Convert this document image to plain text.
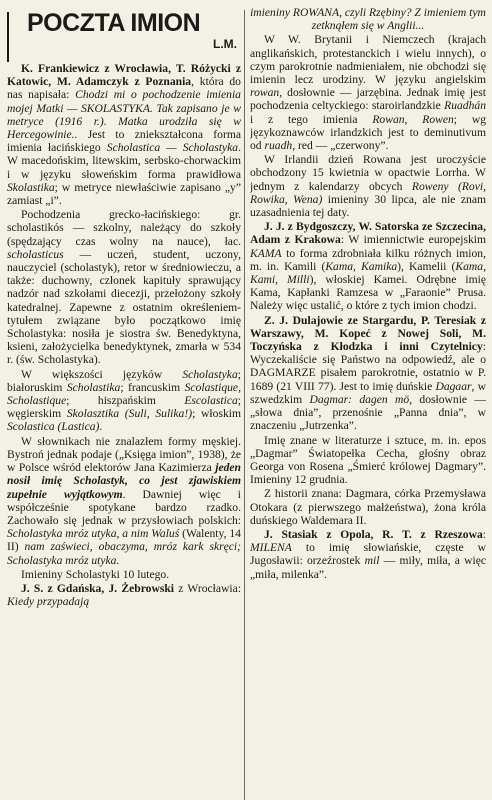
POCZTA IMION
L.M.

K. Frankiewicz z Wrocławia, T. Różycki z Katowic, M. Adamczyk z Poznania, która do nas napisała: Chodzi mi o pochodzenie imienia mojej Matki — SKOLASTYKA. Tak zapisano je w metryce (1916 r.). Matka urodziła się w Hercegowinie.. Jest to zniekształcona forma imienia łacińskiego Scholastica — Scholastyka. W macedońskim, litewskim, serbsko-chorwackim i w języku słoweńskim forma prawidłowa Skolastika; w metryce niewłaściwie zapisano „y” zamiast „i”.

Pochodzenia grecko-łacińskiego: gr. scholastikós — szkolny, należący do szkoły (spędzający czas wolny na nauce), łac. scholasticus — uczeń, student, uczony, nauczyciel (scholastyk), retor w średniowieczu, a także: duchowny, członek kapituły sprawujący nadzór nad szkołami diecezji, przełożony szkoły katedralnej. Zapewne z ostatnim określeniem-tytułem związane było początkowo imię Scholastyka: nosiła je siostra św. Benedyktyna, ksieni, założycielka benedyktynek, zmarła w 534 r. (św. Scholastyka).

W większości języków Scholastyka; białoruskim Scholastika; francuskim Scolastique, Scholastique; hiszpańskim Escolastica; węgierskim Skolasztika (Suli, Sulika!); włoskim Scolastica (Lastica).

W słownikach nie znalazłem formy męskiej. Bystroń jednak podaje („Księga imion”, 1938), że w Polsce wśród elektorów Jana Kazimierza jeden nosił imię Scholastyk, co jest zjawiskiem zupełnie wyjątkowym. Dawniej więc i współcześnie spotykane bardzo rzadko. Zachowało się jednak w przysłowiach polskich: Scholastyka mróz utyka, a nim Waluś (Walenty, 14 II) nam zaświeci, obaczyma, mróz kark skręci; Scholastyka mróz utyka.

Imieniny Scholastyki 10 lutego.

J. S. z Gdańska, J. Żebrowski z Wrocławia: Kiedy przypadają

imieniny ROWANA, czyli Rzębiny? Z imieniem tym zetknąłem się w Anglii...

W W. Brytanii i Niemczech (krajach anglikańskich, protestanckich i wielu innych), o czym parokrotnie nadmieniałem, nie obchodzi się imienin lecz urodziny. W języku angielskim rowan, dosłownie — jarzębina. Jednak imię jest pochodzenia celtyckiego: staroirlandzkie Ruadhán i z tego imienia Rowan, Rowen; wg językoznawców irlandzkich jest to deminutivum od ruadh, red — „czerwony”.

W Irlandii dzień Rowana jest uroczyście obchodzony 15 kwietnia w opactwie Lorrha. W jednym z kalendarzy obcych Roweny (Rovi, Rowika, Wena) imieniny 30 lipca, ale nie znam uzasadnienia tej daty.

J. J. z Bydgoszczy, W. Satorska ze Szczecina, Adam z Krakowa: W imiennictwie europejskim KAMA to forma zdrobniała kilku różnych imion, m. in. Kamili (Kama, Kamika), Kamelii (Kama, Kami, Milli), włoskiej Kamei. Odrębne imię Kama, Kapłanki Ramzesa w „Faraonie” Prusa. Należy więc ustalić, o które z tych imion chodzi.

Z. J. Dulajowie ze Stargardu, P. Teresiak z Warszawy, M. Kopeć z Nowej Soli, M. Toczyńska z Kłodzka i inni Czytelnicy: Wyczekaliście się Państwo na odpowiedź, ale o DAGMARZE pisałem parokrotnie, ostatnio w P. 1689 (21 VIII 77). Jest to imię duńskie Dagaar, w szwedzkim Dagmar: dagen mö, dosłownie — „słowa dnia”, przenośnie „Panna dnia”, w znaczeniu „Jutrzenka”.

Imię znane w literaturze i sztuce, m. in. epos „Dagmar” Światopełka Cecha, głośny obraz Georga von Rosena „Śmierć królowej Dagmary”. Imieniny 12 grudnia.

Z historii znana: Dagmara, córka Przemysława Otokara (z pierwszego małżeństwa), żona króla duńskiego Waldemara II.

J. Stasiak z Opola, R. T. z Rzeszowa: MILENA to imię słowiańskie, częste w Jugosławii: orzeźrostek mil — miły, miła, a więc „miła, milenka”.
